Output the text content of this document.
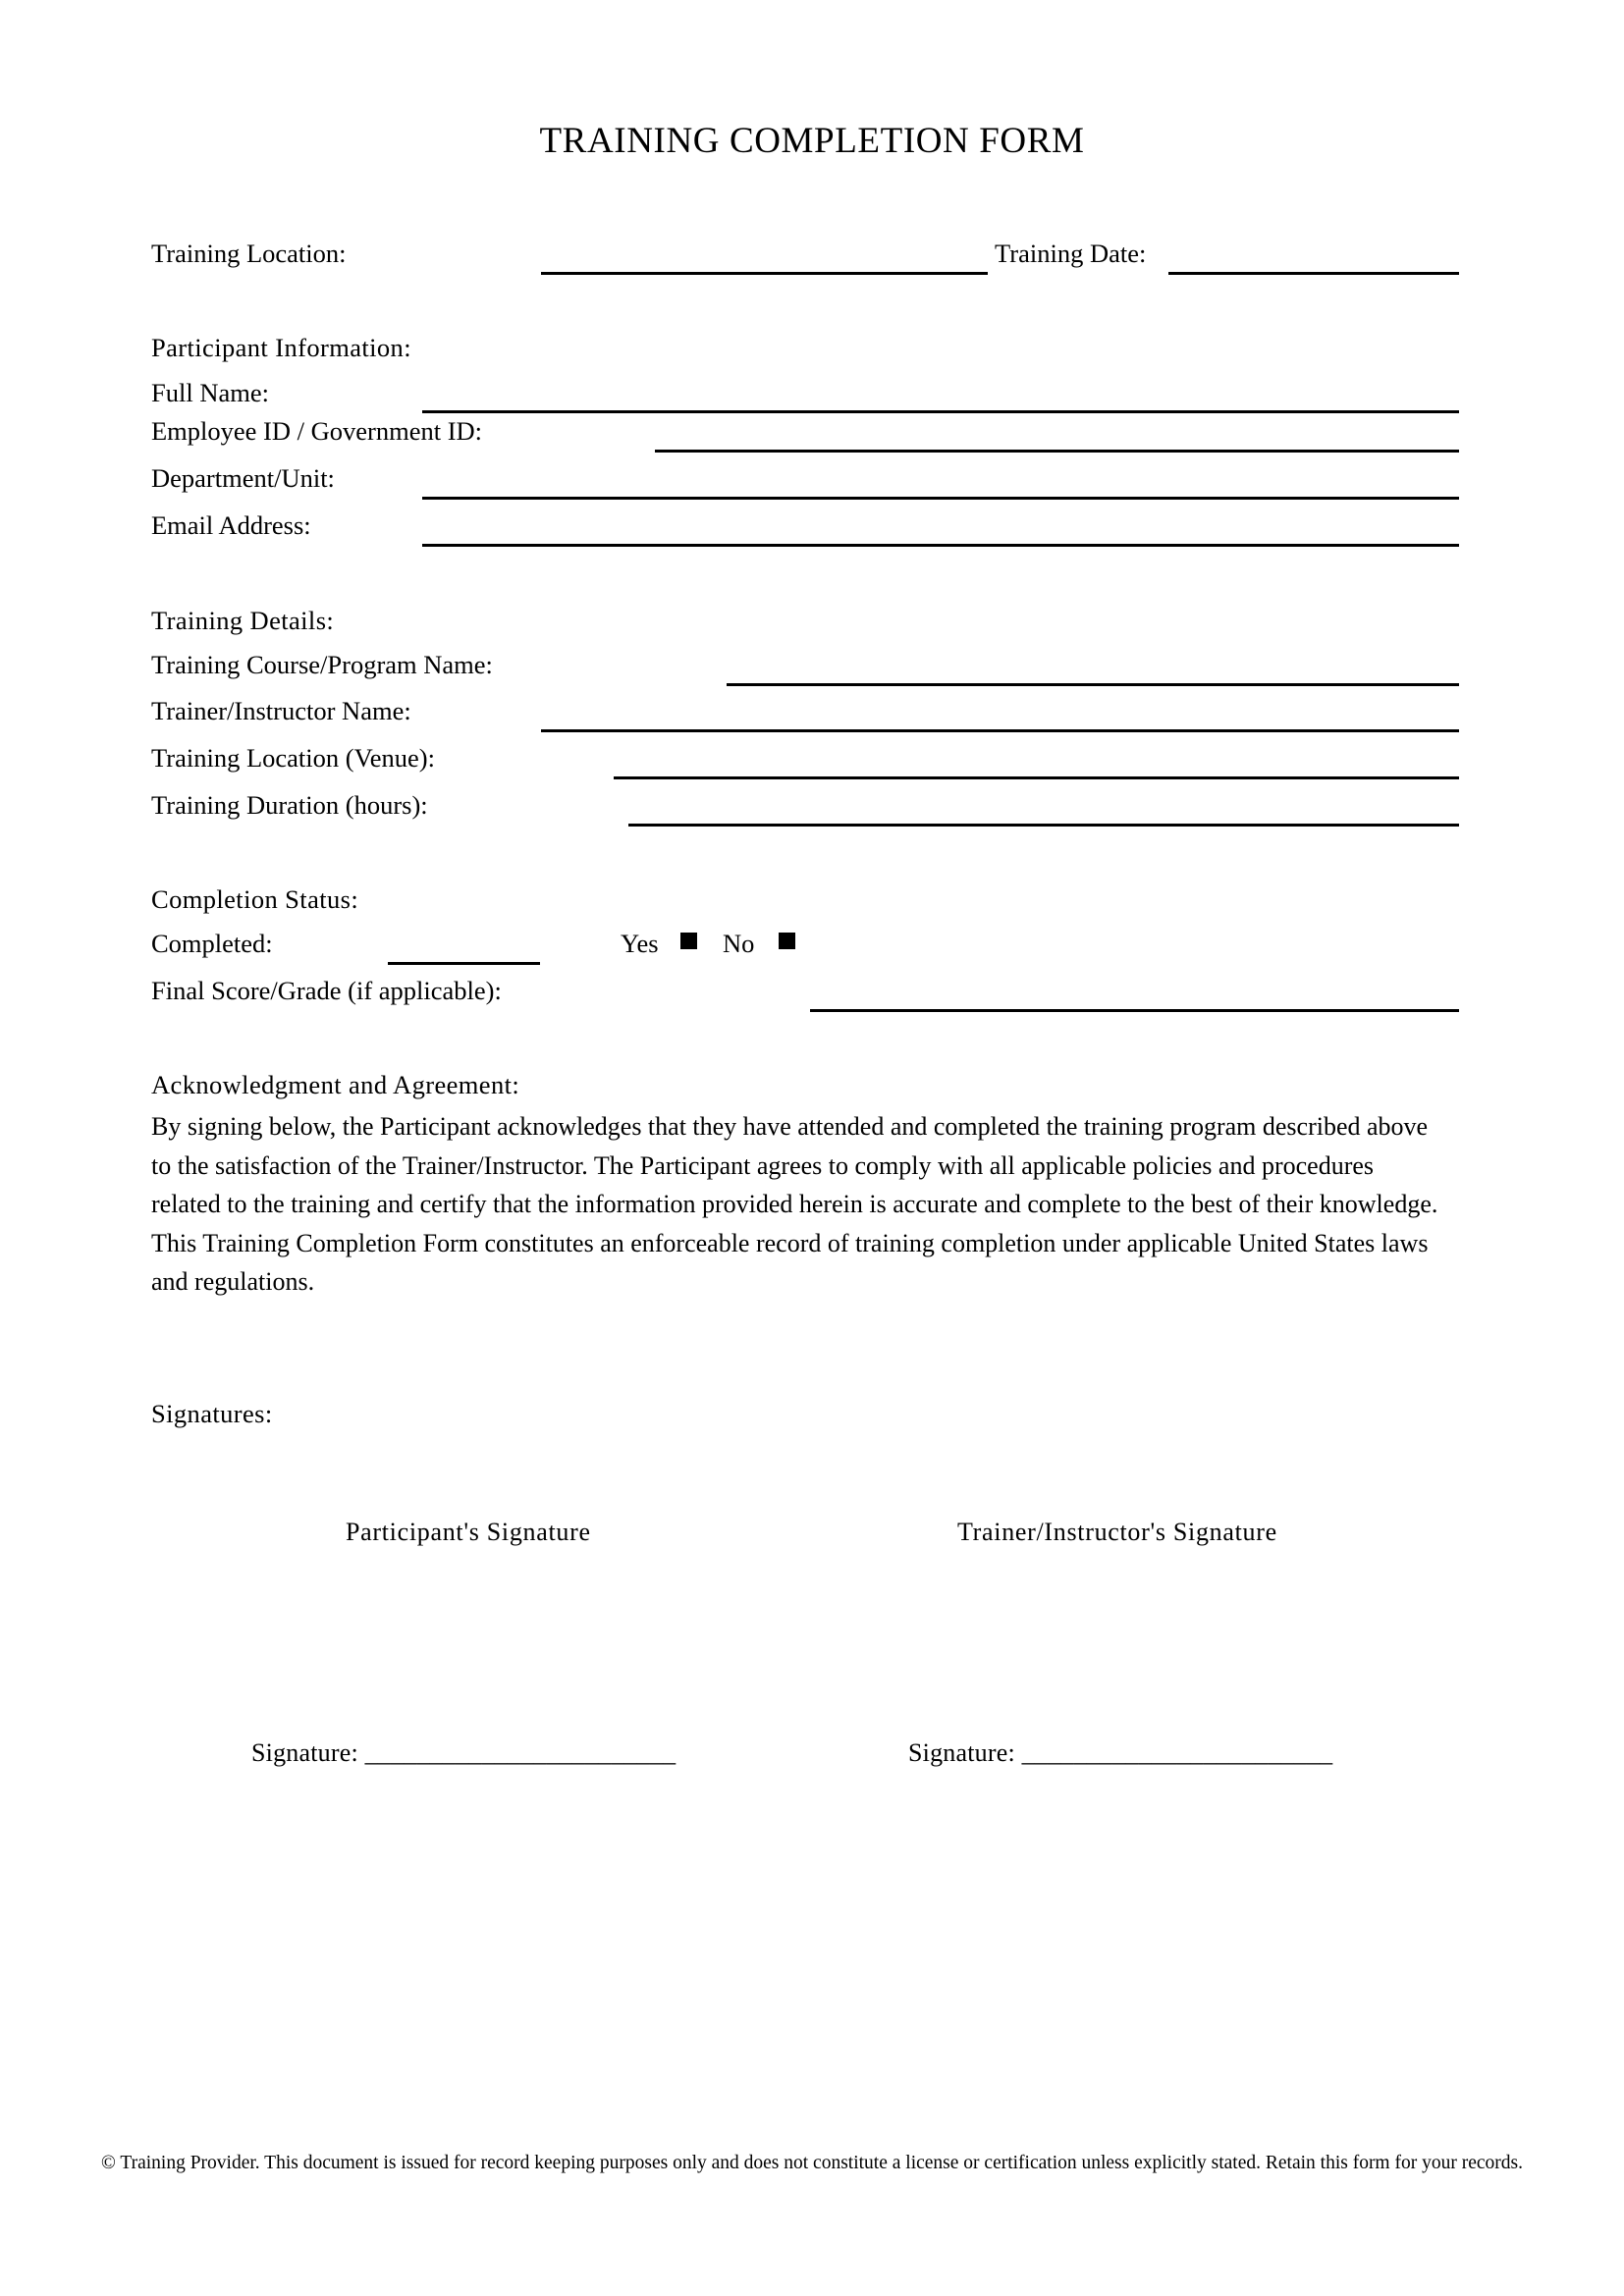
TRAINING COMPLETION FORM
Training Location:	Training Date:
Participant Information:
Full Name:
Employee ID / Government ID:
Department/Unit:
Email Address:
Training Details:
Training Course/Program Name:
Trainer/Instructor Name:
Training Location (Venue):
Training Duration (hours):
Completion Status:
Completed:	Yes No
Final Score/Grade (if applicable):
Acknowledgment and Agreement:
By signing below, the Participant acknowledges that they have attended and completed the training program described above to the satisfaction of the Trainer/Instructor. The Participant agrees to comply with all applicable policies and procedures related to the training and certify that the information provided herein is accurate and complete to the best of their knowledge. This Training Completion Form constitutes an enforceable record of training completion under applicable United States laws and regulations.
Signatures:
Participant's Signature	Trainer/Instructor's Signature
Signature: ________________________	Signature: ________________________
© Training Provider. This document is issued for record keeping purposes only and does not constitute a license or certification unless explicitly stated. Retain this form for your records.
